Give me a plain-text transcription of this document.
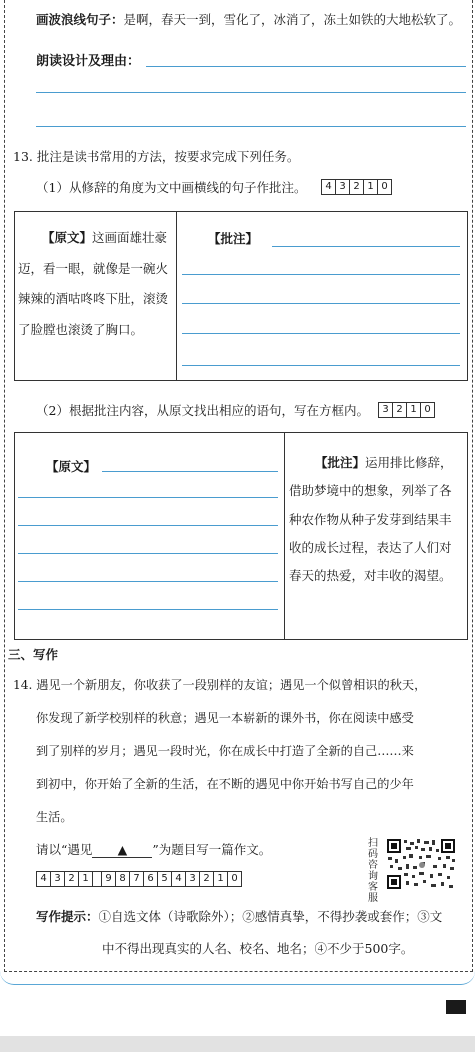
画波浪线句子：是啊，春天一到，雪化了，冰消了，冻土如铁的大地松软了。
朗读设计及理由：
13. 批注是读书常用的方法，按要求完成下列任务。
（1）从修辞的角度为文中画横线的句子作批注。	4 3 2 1 0
【原文】这画面雄壮豪迈，看一眼，就像是一碗火辣辣的酒咕咚咚下肚，滚烫了脸膛也滚烫了胸口。
【批注】
（2）根据批注内容，从原文找出相应的语句，写在方框内。	3 2 1 0
【原文】	【批注】运用排比修辞，借助梦境中的想象，列举了各种农作物从种子发芽到结果丰收的成长过程，表达了人们对春天的热爱，对丰收的渴望。
三、写作
14. 遇见一个新朋友，你收获了一段别样的友谊；遇见一个似曾相识的秋天，
你发现了新学校别样的秋意；遇见一本崭新的课外书，你在阅读中感受
到了别样的岁月；遇见一段时光，你在成长中打造了全新的自己……来
到初中，你开始了全新的生活，在不断的遇见中你开始书写自己的少年
生活。
请以“遇见 ▲ ”为题目写一篇作文。
4 3 2 1	9 8 7 6 5 4 3 2 1 0
扫
码
咨
询
客
服
写作提示：①自选文体（诗歌除外）；②感情真挚，不得抄袭或套作；③文
中不得出现真实的人名、校名、地名；④不少于500字。
